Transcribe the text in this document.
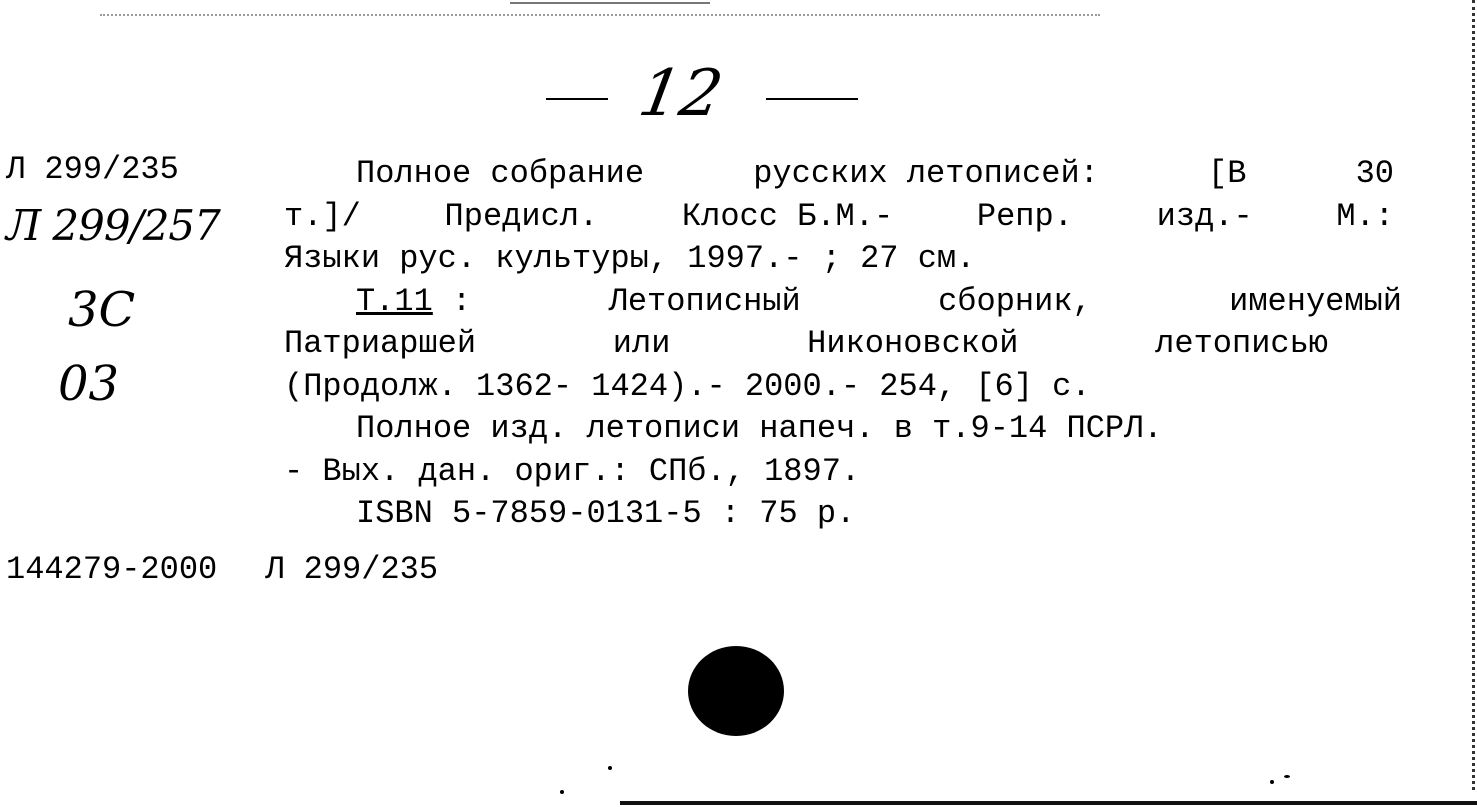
12
Л 299/235
Л 299/257
3С
03
Полное собрание	русских летописей:	[В	30
т.]/	Предисл.	Клосс Б.М.-	Репр.	изд.-	М.:
Языки рус. культуры, 1997.- ; 27 см.
Т.11 :	Летописный	сборник,	именуемый
Патриаршей	или	Никоновской	летописью
(Продолж. 1362- 1424).- 2000.- 254, [6] с.
Полное изд. летописи напеч. в т.9-14 ПСРЛ.
- Вых. дан. ориг.: СПб., 1897.
ISBN 5-7859-0131-5 : 75 р.
144279-2000 Л 299/235
